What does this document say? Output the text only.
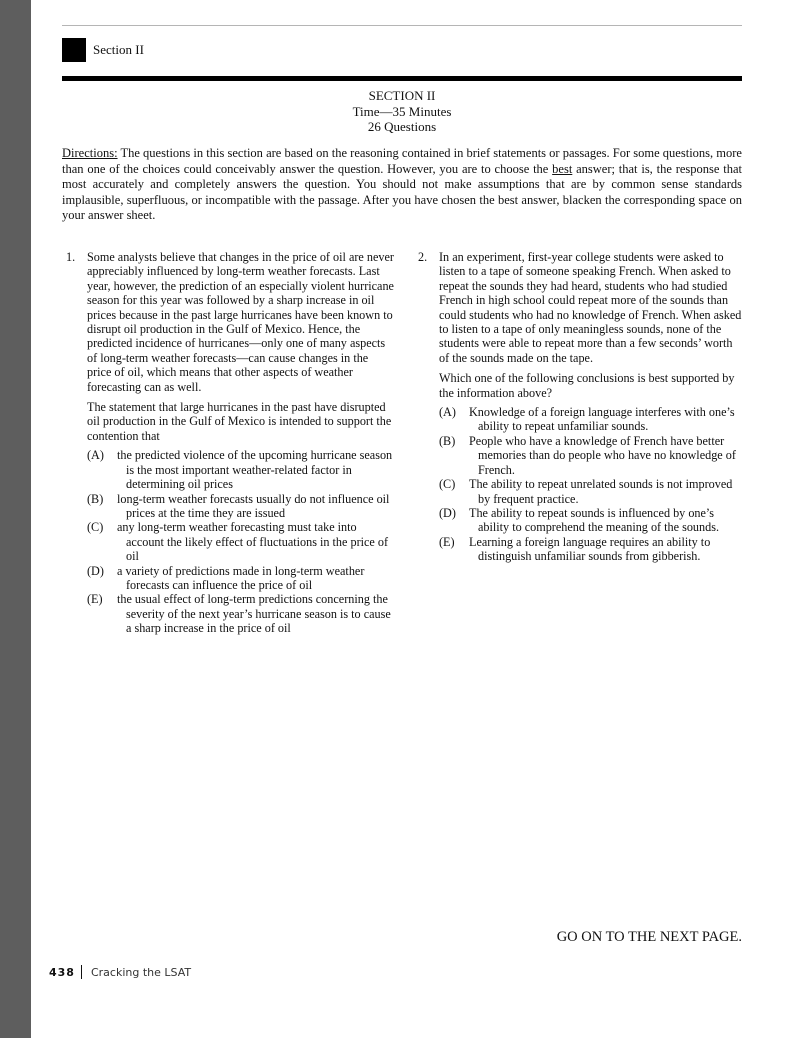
Section II
SECTION II
Time—35 Minutes
26 Questions

Directions: The questions in this section are based on the reasoning contained in brief statements or passages. For some questions, more than one of the choices could conceivably answer the question. However, you are to choose the best answer; that is, the response that most accurately and completely answers the question. You should not make assumptions that are by common sense standards implausible, superfluous, or incompatible with the passage. After you have chosen the best answer, blacken the corresponding space on your answer sheet.

1. Some analysts believe that changes in the price of oil are never appreciably influenced by long-term weather forecasts. Last year, however, the prediction of an especially violent hurricane season for this year was followed by a sharp increase in oil prices because in the past large hurricanes have been known to disrupt oil production in the Gulf of Mexico. Hence, the predicted incidence of hurricanes—only one of many aspects of long-term weather forecasts—can cause changes in the price of oil, which means that other aspects of weather forecasting can as well.

The statement that large hurricanes in the past have disrupted oil production in the Gulf of Mexico is intended to support the contention that

(A)	the predicted violence of the upcoming hurricane season is the most important weather-related factor in determining oil prices
(B)	long-term weather forecasts usually do not influence oil prices at the time they are issued
(C)	any long-term weather forecasting must take into account the likely effect of fluctuations in the price of oil
(D)	a variety of predictions made in long-term weather forecasts can influence the price of oil
(E)	the usual effect of long-term predictions concerning the severity of the next year’s hurricane season is to cause a sharp increase in the price of oil

2. In an experiment, first-year college students were asked to listen to a tape of someone speaking French. When asked to repeat the sounds they had heard, students who had studied French in high school could repeat more of the sounds than could students who had no knowledge of French. When asked to listen to a tape of only meaningless sounds, none of the students were able to repeat more than a few seconds’ worth of the sounds made on the tape.

Which one of the following conclusions is best supported by the information above?

(A)	Knowledge of a foreign language interferes with one’s ability to repeat unfamiliar sounds.
(B)	People who have a knowledge of French have better memories than do people who have no knowledge of French.
(C)	The ability to repeat unrelated sounds is not improved by frequent practice.
(D)	The ability to repeat sounds is influenced by one’s ability to comprehend the meaning of the sounds.
(E)	Learning a foreign language requires an ability to distinguish unfamiliar sounds from gibberish.
GO ON TO THE NEXT PAGE.
438 Cracking the LSAT
